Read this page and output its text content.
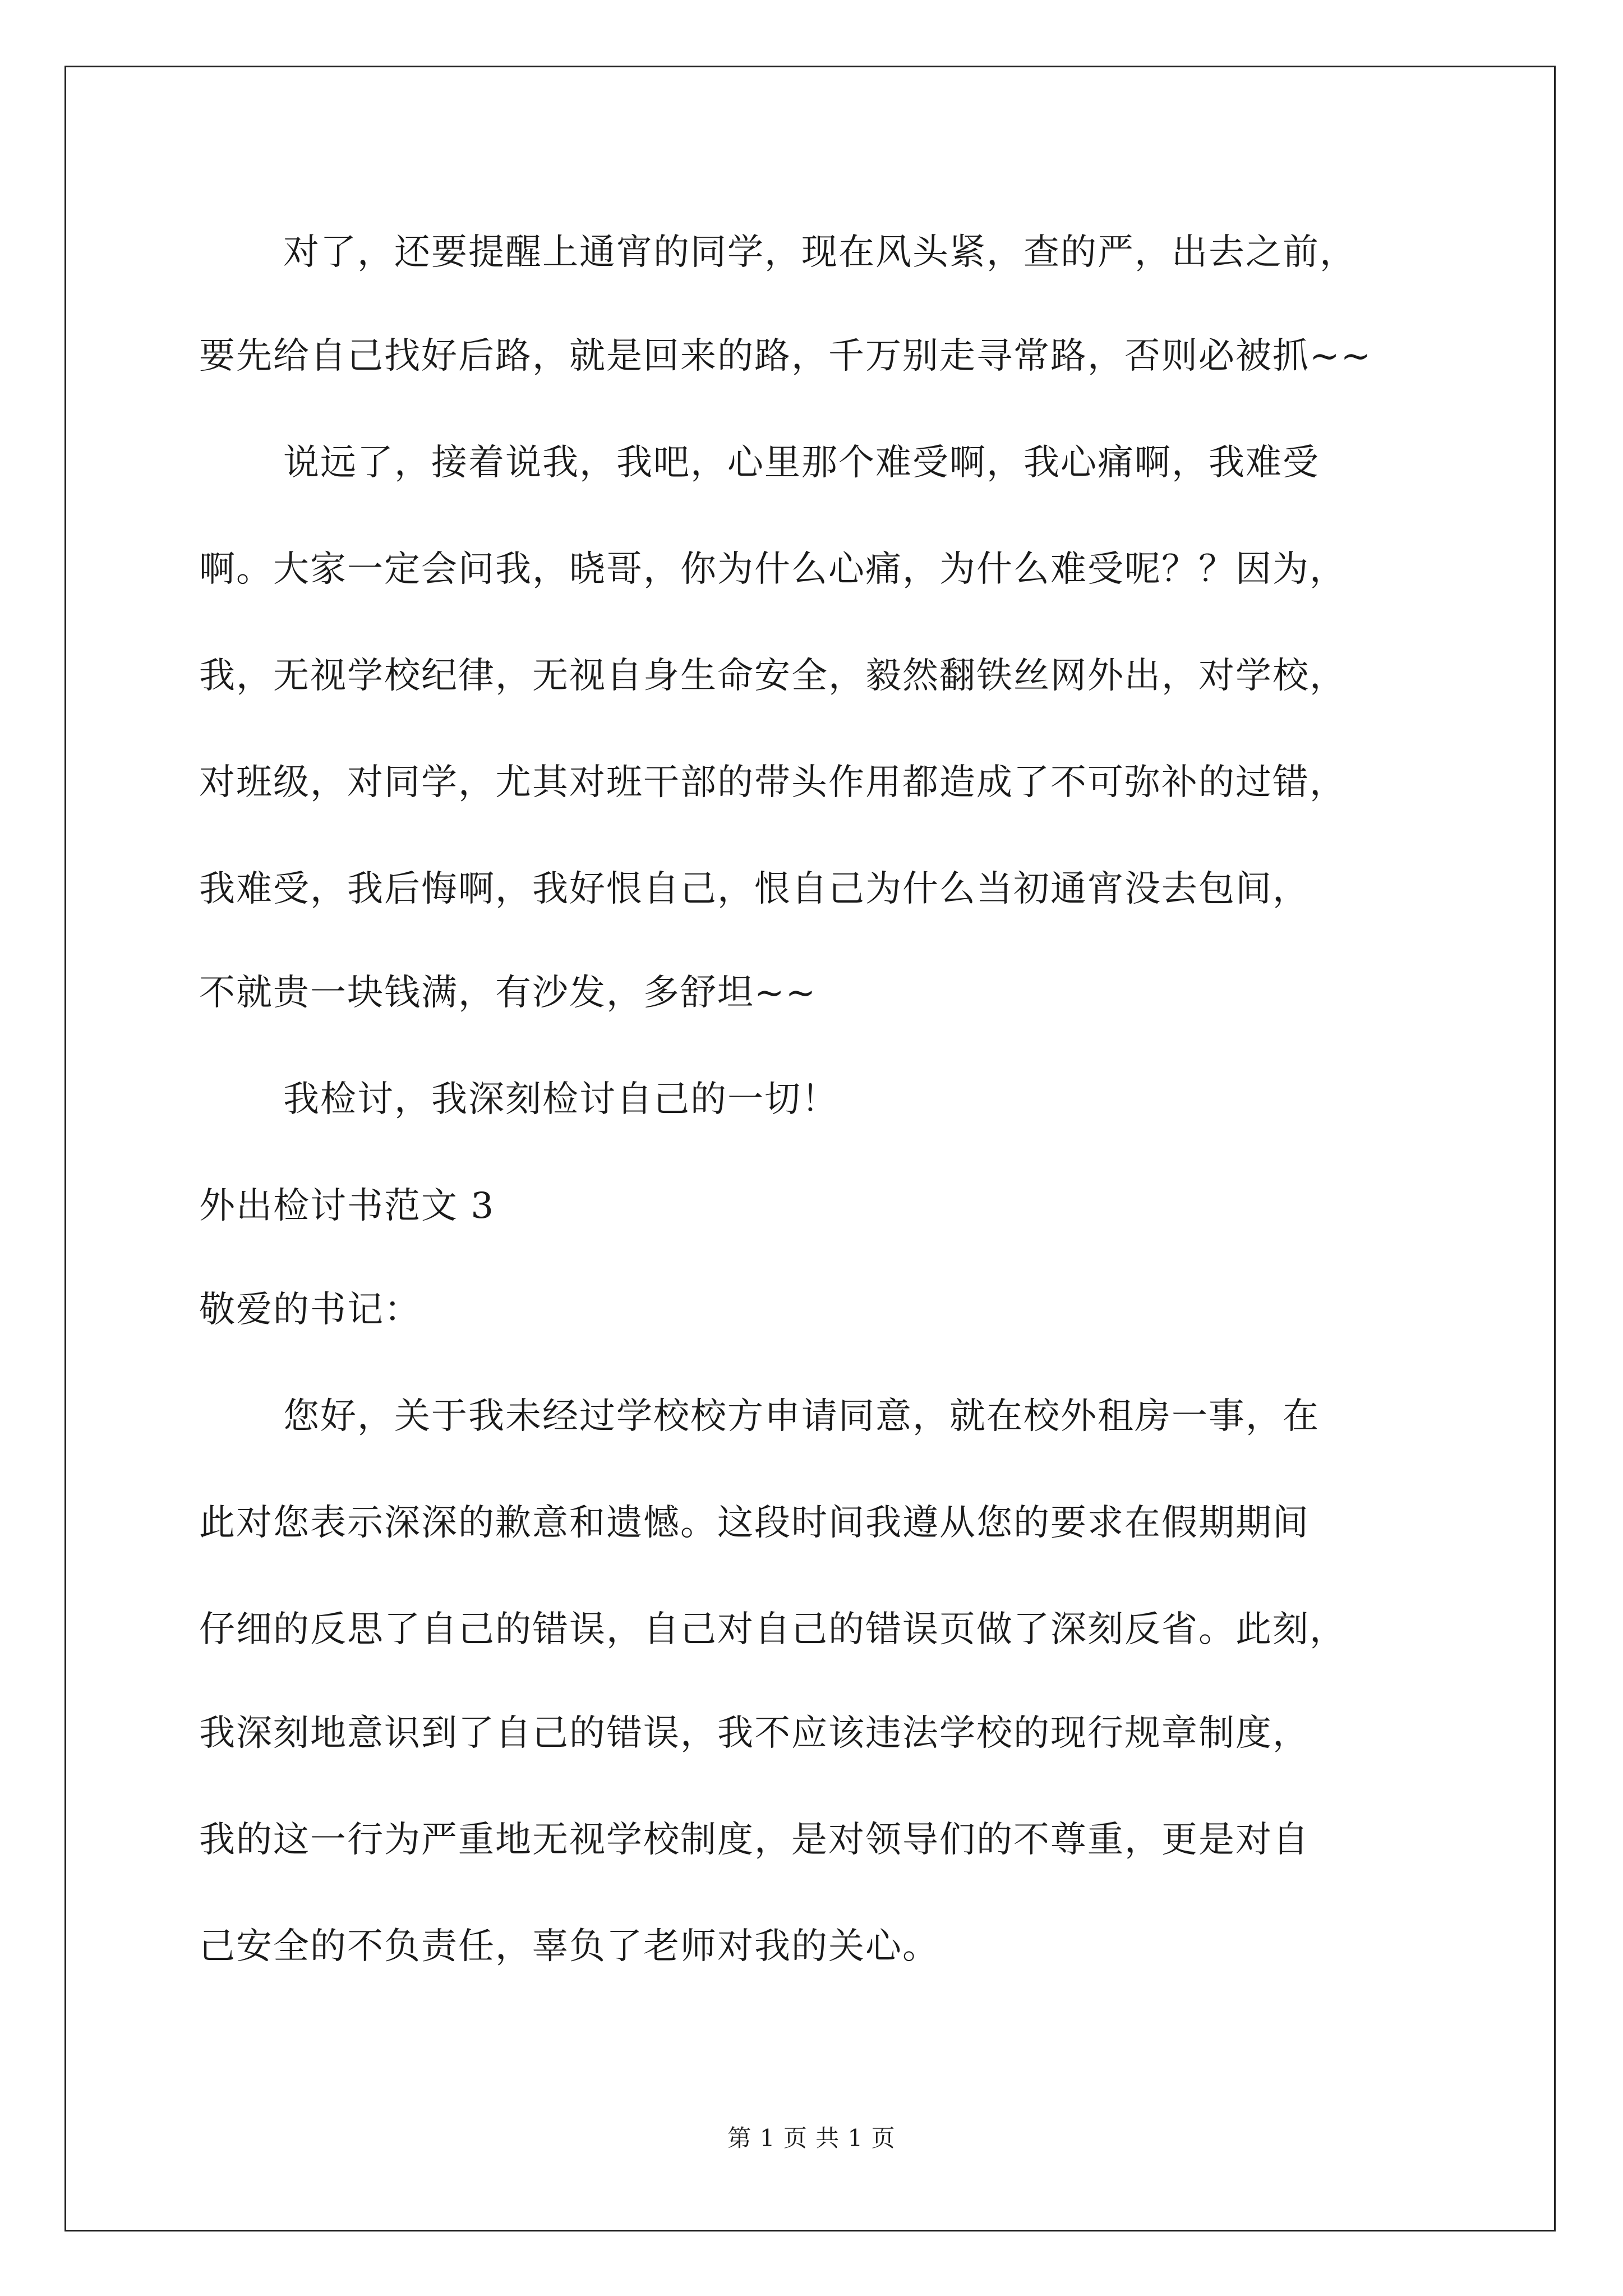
对了，还要提醒上通宵的同学，现在风头紧，查的严，出去之前，
要先给自己找好后路，就是回来的路，千万别走寻常路，否则必被抓~~
说远了，接着说我，我吧，心里那个难受啊，我心痛啊，我难受
啊。大家一定会问我，晓哥，你为什么心痛，为什么难受呢？？因为，
我，无视学校纪律，无视自身生命安全，毅然翻铁丝网外出，对学校，
对班级，对同学，尤其对班干部的带头作用都造成了不可弥补的过错，
我难受，我后悔啊，我好恨自己，恨自己为什么当初通宵没去包间，
不就贵一块钱满，有沙发，多舒坦~~
我检讨，我深刻检讨自己的一切！
外出检讨书范文 3
敬爱的书记：
您好，关于我未经过学校校方申请同意，就在校外租房一事，在
此对您表示深深的歉意和遗憾。这段时间我遵从您的要求在假期期间
仔细的反思了自己的错误，自己对自己的错误页做了深刻反省。此刻，
我深刻地意识到了自己的错误，我不应该违法学校的现行规章制度，
我的这一行为严重地无视学校制度，是对领导们的不尊重，更是对自
己安全的不负责任，辜负了老师对我的关心。
第 1 页 共 1 页
